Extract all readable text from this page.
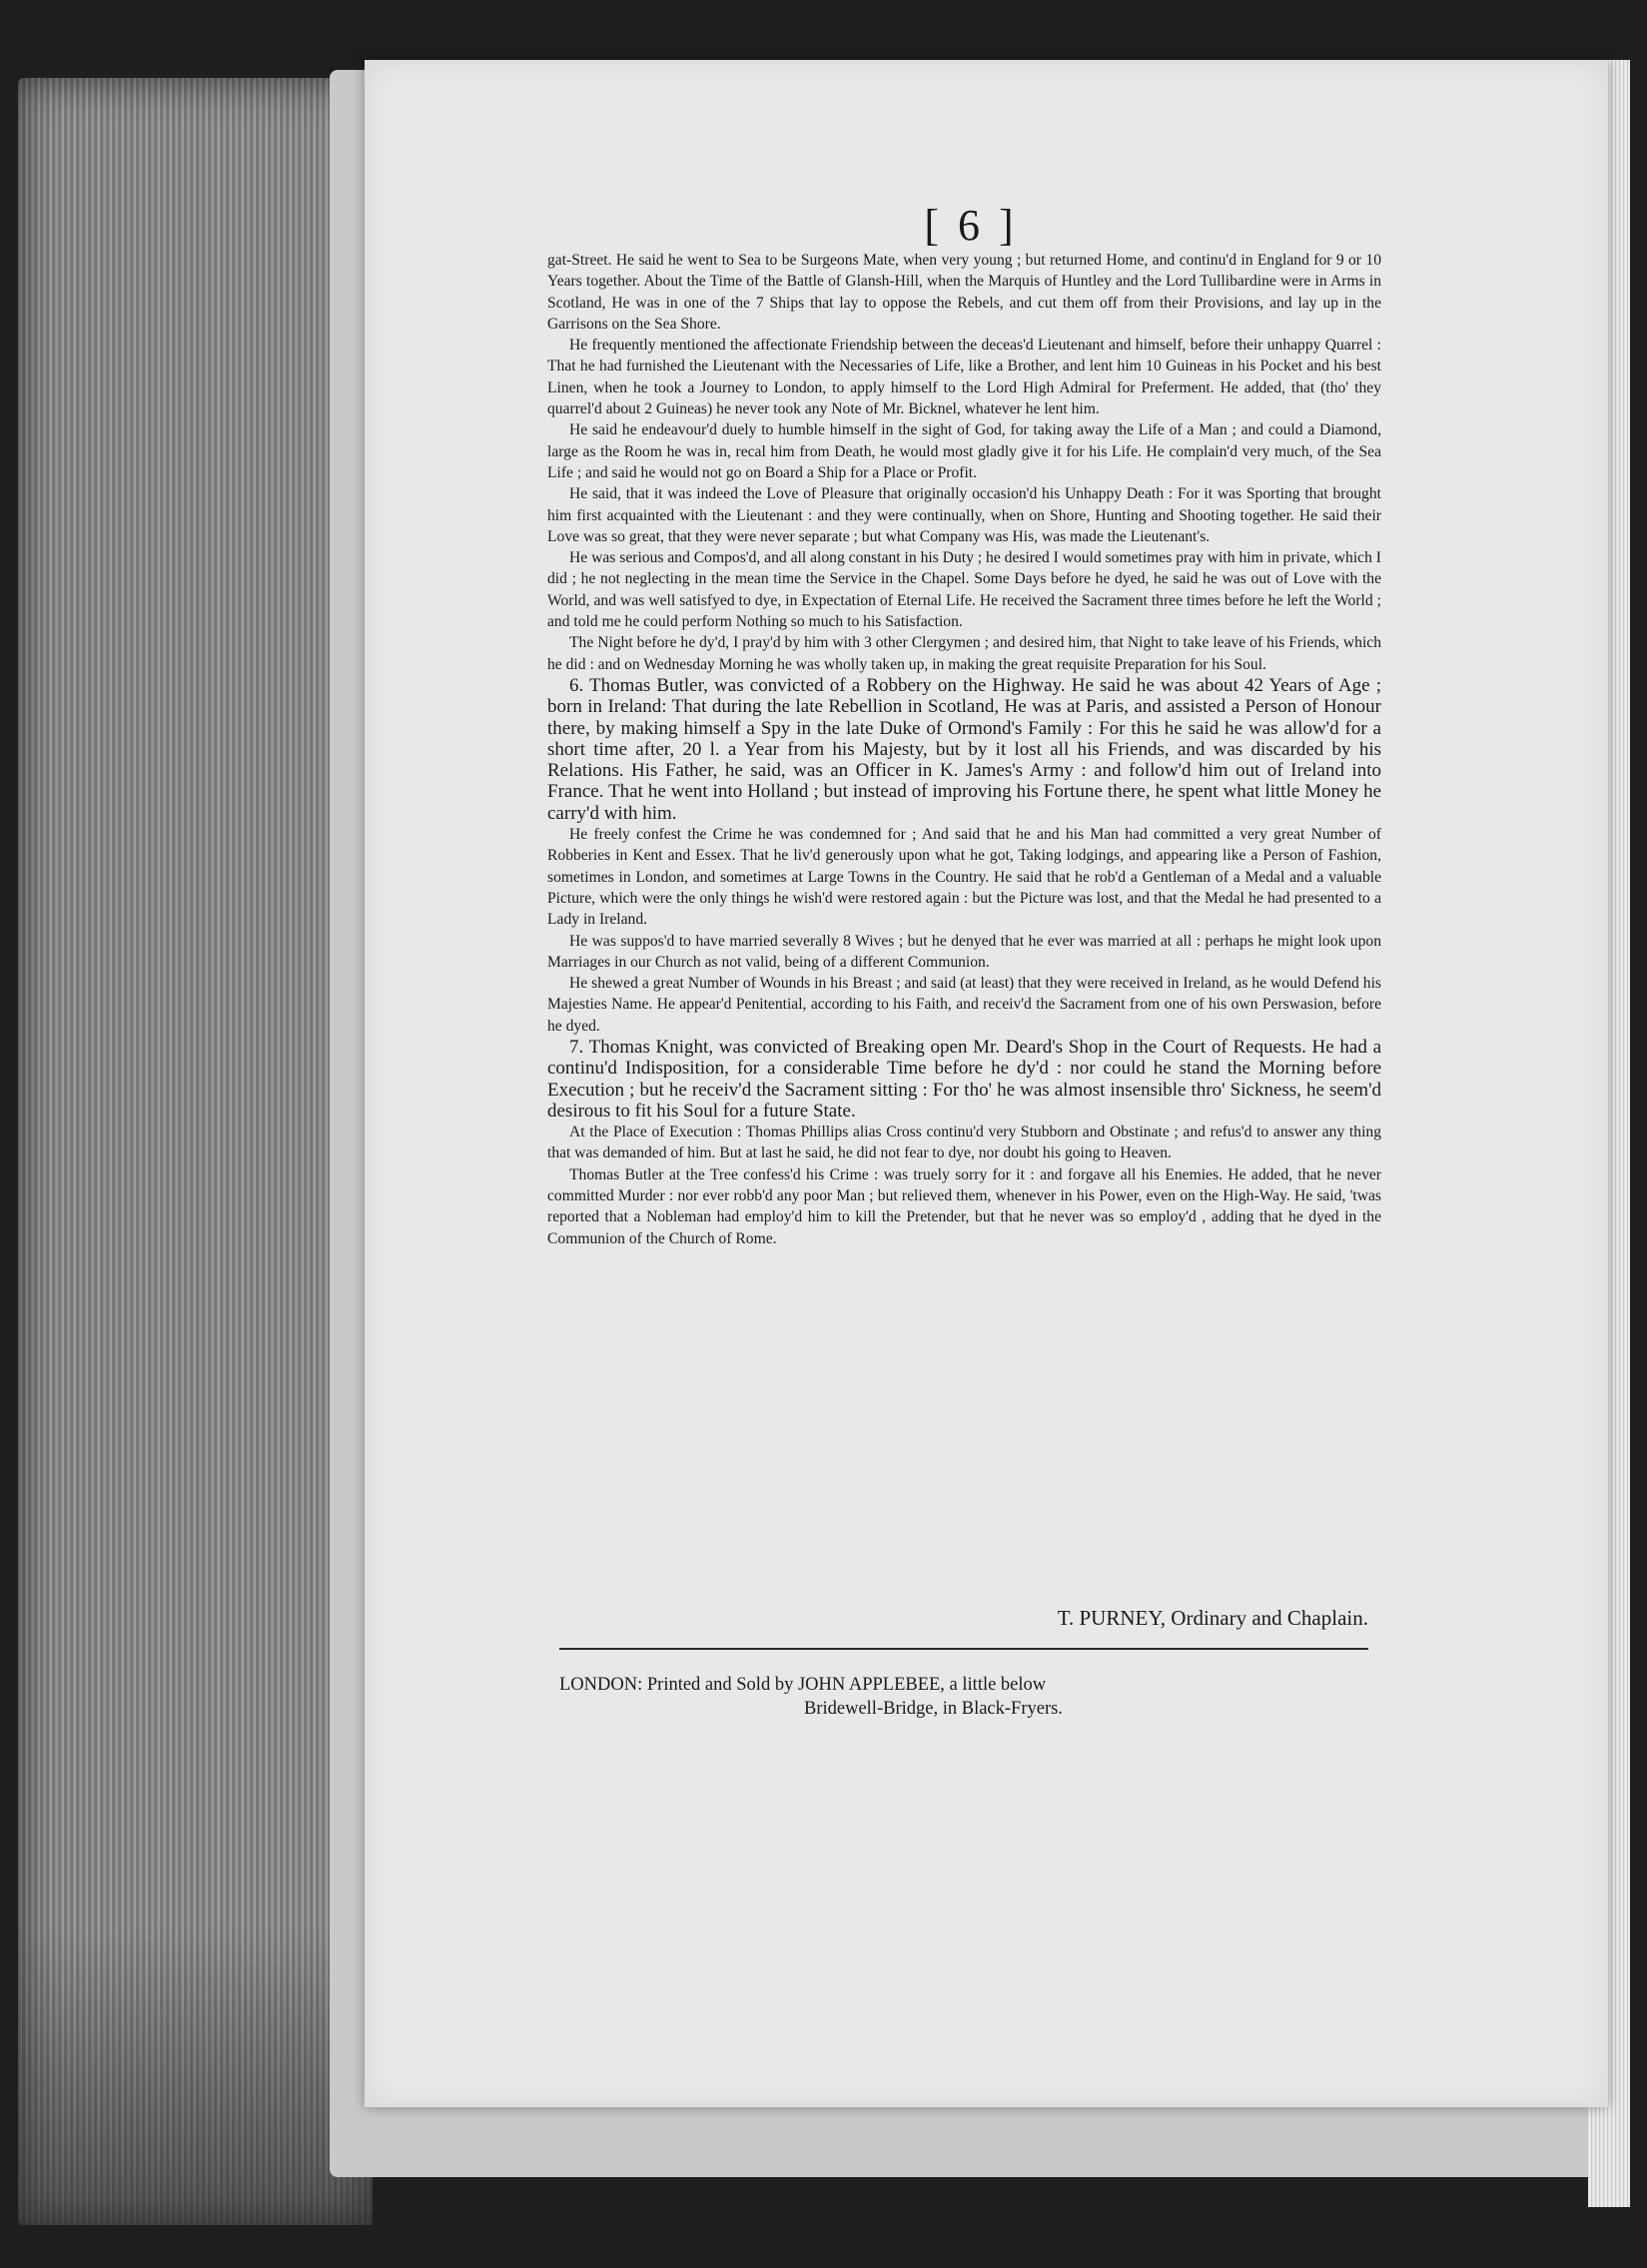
[ 6 ]

gat-Street. He said he went to Sea to be Surgeons Mate, when very young ; but returned Home, and continu'd in England for 9 or 10 Years together. About the Time of the Battle of Glansh-Hill, when the Marquis of Huntley and the Lord Tullibardine were in Arms in Scotland, He was in one of the 7 Ships that lay to oppose the Rebels, and cut them off from their Provisions, and lay up in the Garrisons on the Sea Shore.

He frequently mentioned the affectionate Friendship between the deceas'd Lieutenant and himself, before their unhappy Quarrel : That he had furnished the Lieutenant with the Necessaries of Life, like a Brother, and lent him 10 Guineas in his Pocket and his best Linen, when he took a Journey to London, to apply himself to the Lord High Admiral for Preferment. He added, that (tho' they quarrel'd about 2 Guineas) he never took any Note of Mr. Bicknel, whatever he lent him.

He said he endeavour'd duely to humble himself in the sight of God, for taking away the Life of a Man ; and could a Diamond, large as the Room he was in, recal him from Death, he would most gladly give it for his Life. He complain'd very much, of the Sea Life ; and said he would not go on Board a Ship for a Place or Profit.

He said, that it was indeed the Love of Pleasure that originally occasion'd his Unhappy Death : For it was Sporting that brought him first acquainted with the Lieutenant : and they were continually, when on Shore, Hunting and Shooting together. He said their Love was so great, that they were never separate ; but what Company was His, was made the Lieutenant's.

He was serious and Compos'd, and all along constant in his Duty ; he desired I would sometimes pray with him in private, which I did ; he not neglecting in the mean time the Service in the Chapel. Some Days before he dyed, he said he was out of Love with the World, and was well satisfyed to dye, in Expectation of Eternal Life. He received the Sacrament three times before he left the World ; and told me he could perform Nothing so much to his Satisfaction.

The Night before he dy'd, I pray'd by him with 3 other Clergymen ; and desired him, that Night to take leave of his Friends, which he did : and on Wednesday Morning he was wholly taken up, in making the great requisite Preparation for his Soul.

6. Thomas Butler, was convicted of a Robbery on the Highway. He said he was about 42 Years of Age ; born in Ireland: That during the late Rebellion in Scotland, He was at Paris, and assisted a Person of Honour there, by making himself a Spy in the late Duke of Ormond's Family : For this he said he was allow'd for a short time after, 20 l. a Year from his Majesty, but by it lost all his Friends, and was discarded by his Relations. His Father, he said, was an Officer in K. James's Army : and follow'd him out of Ireland into France. That he went into Holland ; but instead of improving his Fortune there, he spent what little Money he carry'd with him.

He freely confest the Crime he was condemned for ; And said that he and his Man had committed a very great Number of Robberies in Kent and Essex. That he liv'd generously upon what he got, Taking lodgings, and appearing like a Person of Fashion, sometimes in London, and sometimes at Large Towns in the Country. He said that he rob'd a Gentleman of a Medal and a valuable Picture, which were the only things he wish'd were restored again : but the Picture was lost, and that the Medal he had presented to a Lady in Ireland.

He was suppos'd to have married severally 8 Wives ; but he denyed that he ever was married at all : perhaps he might look upon Marriages in our Church as not valid, being of a different Communion.

He shewed a great Number of Wounds in his Breast ; and said (at least) that they were received in Ireland, as he would Defend his Majesties Name. He appear'd Penitential, according to his Faith, and receiv'd the Sacrament from one of his own Perswasion, before he dyed.

7. Thomas Knight, was convicted of Breaking open Mr. Deard's Shop in the Court of Requests. He had a continu'd Indisposition, for a considerable Time before he dy'd : nor could he stand the Morning before Execution ; but he receiv'd the Sacrament sitting : For tho' he was almost insensible thro' Sickness, he seem'd desirous to fit his Soul for a future State.

At the Place of Execution : Thomas Phillips alias Cross continu'd very Stubborn and Obstinate ; and refus'd to answer any thing that was demanded of him. But at last he said, he did not fear to dye, nor doubt his going to Heaven.

Thomas Butler at the Tree confess'd his Crime : was truely sorry for it : and forgave all his Enemies. He added, that he never committed Murder : nor ever robb'd any poor Man ; but relieved them, whenever in his Power, even on the High-Way. He said, 'twas reported that a Nobleman had employ'd him to kill the Pretender, but that he never was so employ'd , adding that he dyed in the Communion of the Church of Rome.

T. PURNEY, Ordinary and Chaplain.
LONDON: Printed and Sold by JOHN APPLEBEE, a little below
Bridewell-Bridge, in Black-Fryers.
